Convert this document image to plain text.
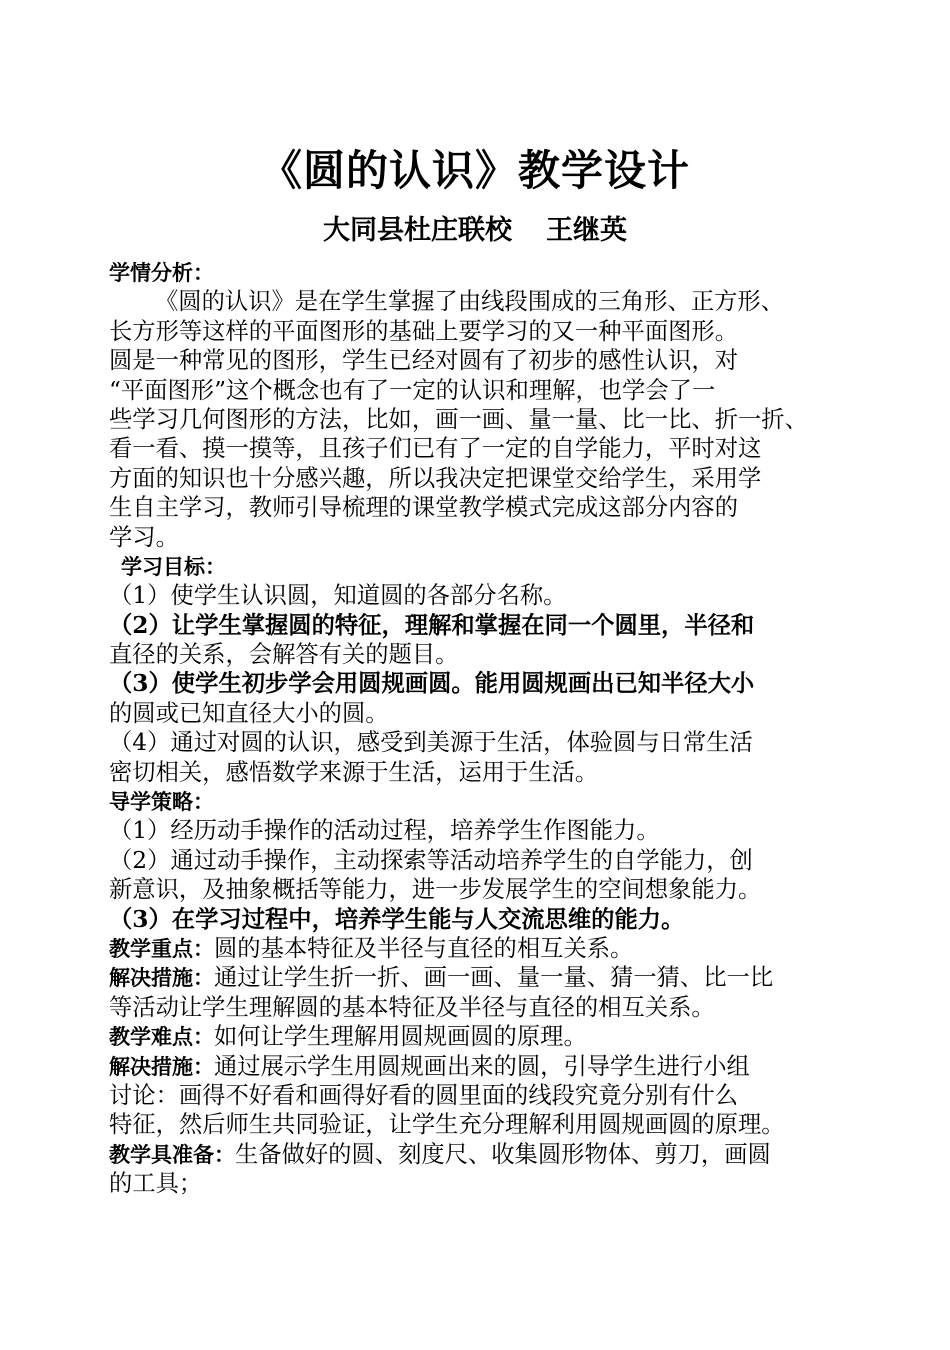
《圆的认识》教学设计
大同县杜庄联校 王继英
学情分析：
《圆的认识》是在学生掌握了由线段围成的三角形、正方形、
长方形等这样的平面图形的基础上要学习的又一种平面图形。
圆是一种常见的图形，学生已经对圆有了初步的感性认识，对
“平面图形”这个概念也有了一定的认识和理解，也学会了一
些学习几何图形的方法，比如，画一画、量一量、比一比、折一折、
看一看、摸一摸等，且孩子们已有了一定的自学能力，平时对这
方面的知识也十分感兴趣，所以我决定把课堂交给学生，采用学
生自主学习，教师引导梳理的课堂教学模式完成这部分内容的
学习。
学习目标：
（1）使学生认识圆，知道圆的各部分名称。
（2）让学生掌握圆的特征，理解和掌握在同一个圆里，半径和
直径的关系，会解答有关的题目。
（3）使学生初步学会用圆规画圆。能用圆规画出已知半径大小
的圆或已知直径大小的圆。
（4）通过对圆的认识，感受到美源于生活，体验圆与日常生活
密切相关，感悟数学来源于生活，运用于生活。
导学策略：
（1）经历动手操作的活动过程，培养学生作图能力。
（2）通过动手操作，主动探索等活动培养学生的自学能力，创
新意识，及抽象概括等能力，进一步发展学生的空间想象能力。
（3）在学习过程中，培养学生能与人交流思维的能力。
教学重点：圆的基本特征及半径与直径的相互关系。
解决措施：通过让学生折一折、画一画、量一量、猜一猜、比一比
等活动让学生理解圆的基本特征及半径与直径的相互关系。
教学难点：如何让学生理解用圆规画圆的原理。
解决措施：通过展示学生用圆规画出来的圆，引导学生进行小组
讨论：画得不好看和画得好看的圆里面的线段究竟分别有什么
特征，然后师生共同验证，让学生充分理解利用圆规画圆的原理。
教学具准备：生备做好的圆、刻度尺、收集圆形物体、剪刀，画圆
的工具；
